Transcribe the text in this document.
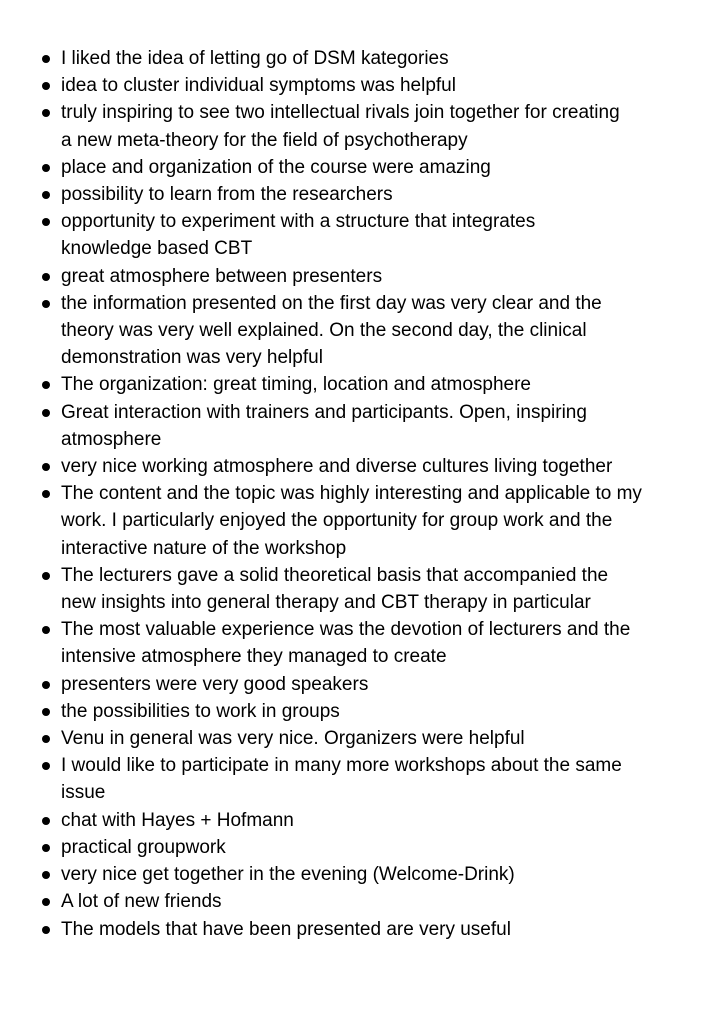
I liked the idea of letting go of DSM kategories
idea to cluster individual symptoms was helpful
truly inspiring to see two intellectual rivals join together for creating
a new meta-theory for the field of psychotherapy
place and organization of the course were amazing
possibility to learn from the researchers
opportunity to experiment with a structure that integrates
knowledge based CBT
great atmosphere between presenters
the information presented on the first day was very clear and the
theory was very well explained. On the second day, the clinical
demonstration was very helpful
The organization: great timing, location and atmosphere
Great interaction with trainers and participants. Open, inspiring
atmosphere
very nice working atmosphere and diverse cultures living together
The content and the topic was highly interesting and applicable to my
work. I particularly enjoyed the opportunity for group work and the
interactive nature of the workshop
The lecturers gave a solid theoretical basis that accompanied the
new insights into general therapy and CBT therapy in particular
The most valuable experience was the devotion of lecturers and the
intensive atmosphere they managed to create
presenters were very good speakers
the possibilities to work in groups
Venu in general was very nice. Organizers were helpful
I would like to participate in many more workshops about the same
issue
chat with Hayes + Hofmann
practical groupwork
very nice get together in the evening (Welcome-Drink)
A lot of new friends
The models that have been presented are very useful
